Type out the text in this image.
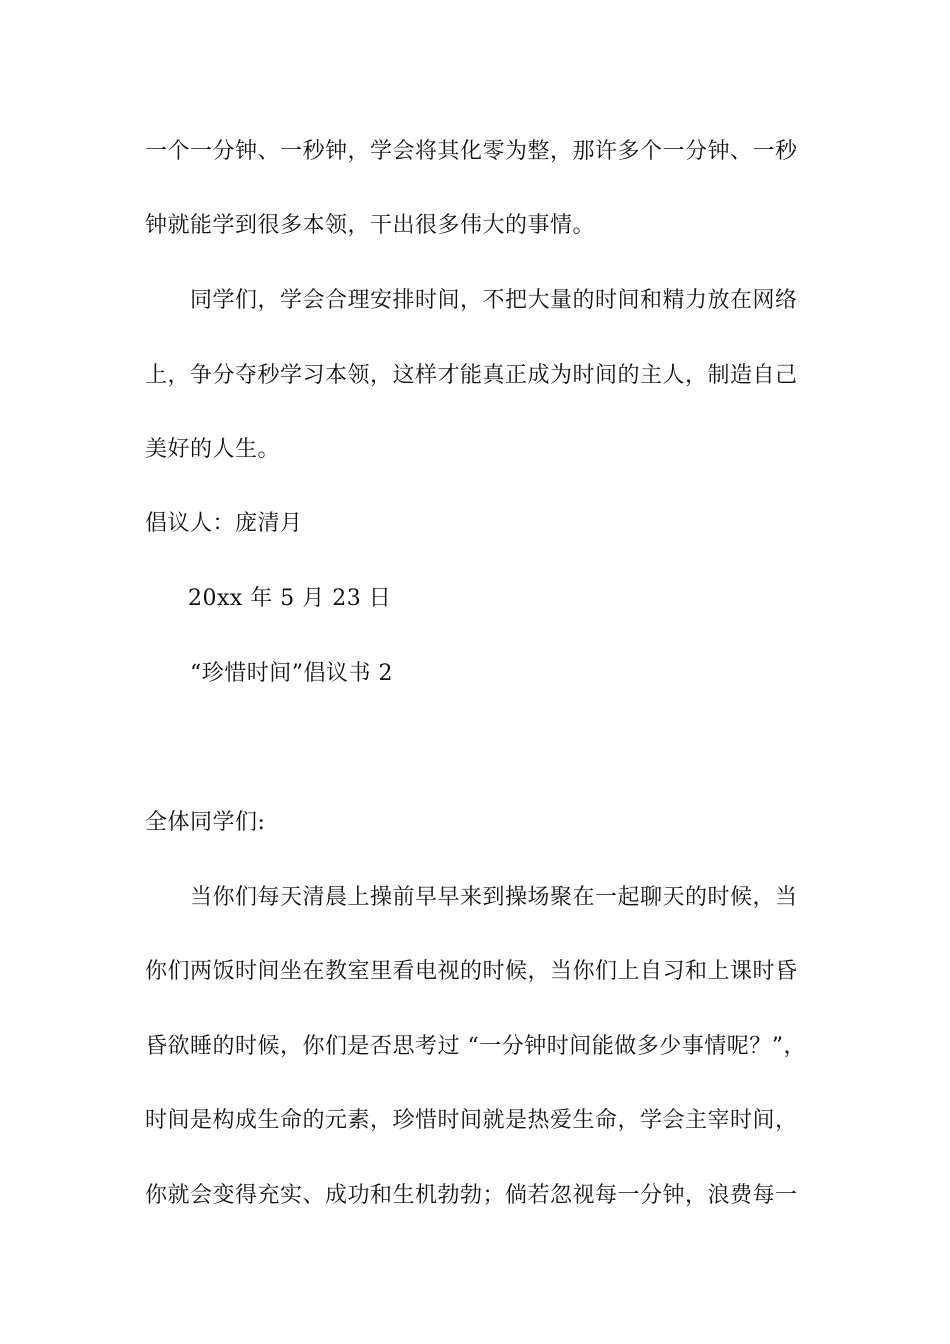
一个一分钟、一秒钟，学会将其化零为整，那许多个一分钟、一秒
钟就能学到很多本领，干出很多伟大的事情。
同学们，学会合理安排时间，不把大量的时间和精力放在网络
上，争分夺秒学习本领，这样才能真正成为时间的主人，制造自己
美好的人生。
倡议人：庞清月
20xx 年 5 月 23 日
“珍惜时间”倡议书 2
全体同学们:
当你们每天清晨上操前早早来到操场聚在一起聊天的时候，当
你们两饭时间坐在教室里看电视的时候，当你们上自习和上课时昏
昏欲睡的时候，你们是否思考过 “一分钟时间能做多少事情呢？”，
时间是构成生命的元素，珍惜时间就是热爱生命，学会主宰时间，
你就会变得充实、成功和生机勃勃；倘若忽视每一分钟，浪费每一
